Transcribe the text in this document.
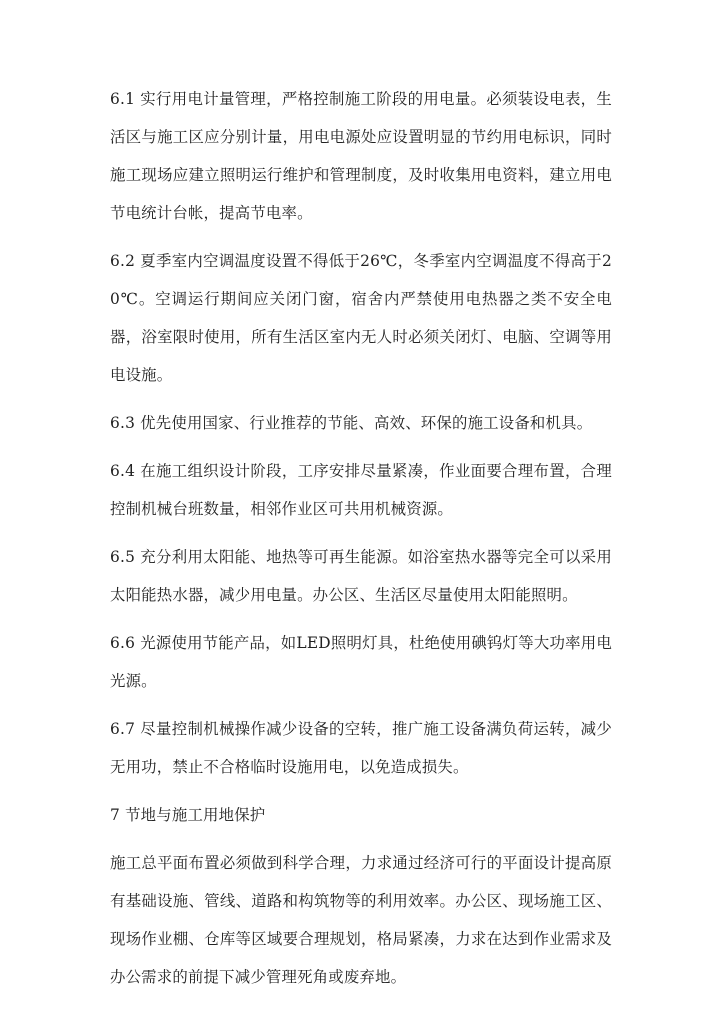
6.1 实行用电计量管理，严格控制施工阶段的用电量。必须装设电表，生活区与施工区应分别计量，用电电源处应设置明显的节约用电标识，同时施工现场应建立照明运行维护和管理制度，及时收集用电资料，建立用电节电统计台帐，提高节电率。

6.2 夏季室内空调温度设置不得低于26℃，冬季室内空调温度不得高于20℃。空调运行期间应关闭门窗，宿舍内严禁使用电热器之类不安全电器，浴室限时使用，所有生活区室内无人时必须关闭灯、电脑、空调等用电设施。

6.3 优先使用国家、行业推荐的节能、高效、环保的施工设备和机具。

6.4 在施工组织设计阶段，工序安排尽量紧凑，作业面要合理布置，合理控制机械台班数量，相邻作业区可共用机械资源。

6.5 充分利用太阳能、地热等可再生能源。如浴室热水器等完全可以采用太阳能热水器，减少用电量。办公区、生活区尽量使用太阳能照明。

6.6 光源使用节能产品，如LED照明灯具，杜绝使用碘钨灯等大功率用电光源。

6.7 尽量控制机械操作减少设备的空转，推广施工设备满负荷运转，减少无用功，禁止不合格临时设施用电，以免造成损失。

7 节地与施工用地保护

施工总平面布置必须做到科学合理，力求通过经济可行的平面设计提高原有基础设施、管线、道路和构筑物等的利用效率。办公区、现场施工区、现场作业棚、仓库等区域要合理规划，格局紧凑，力求在达到作业需求及办公需求的前提下减少管理死角或废弃地。
